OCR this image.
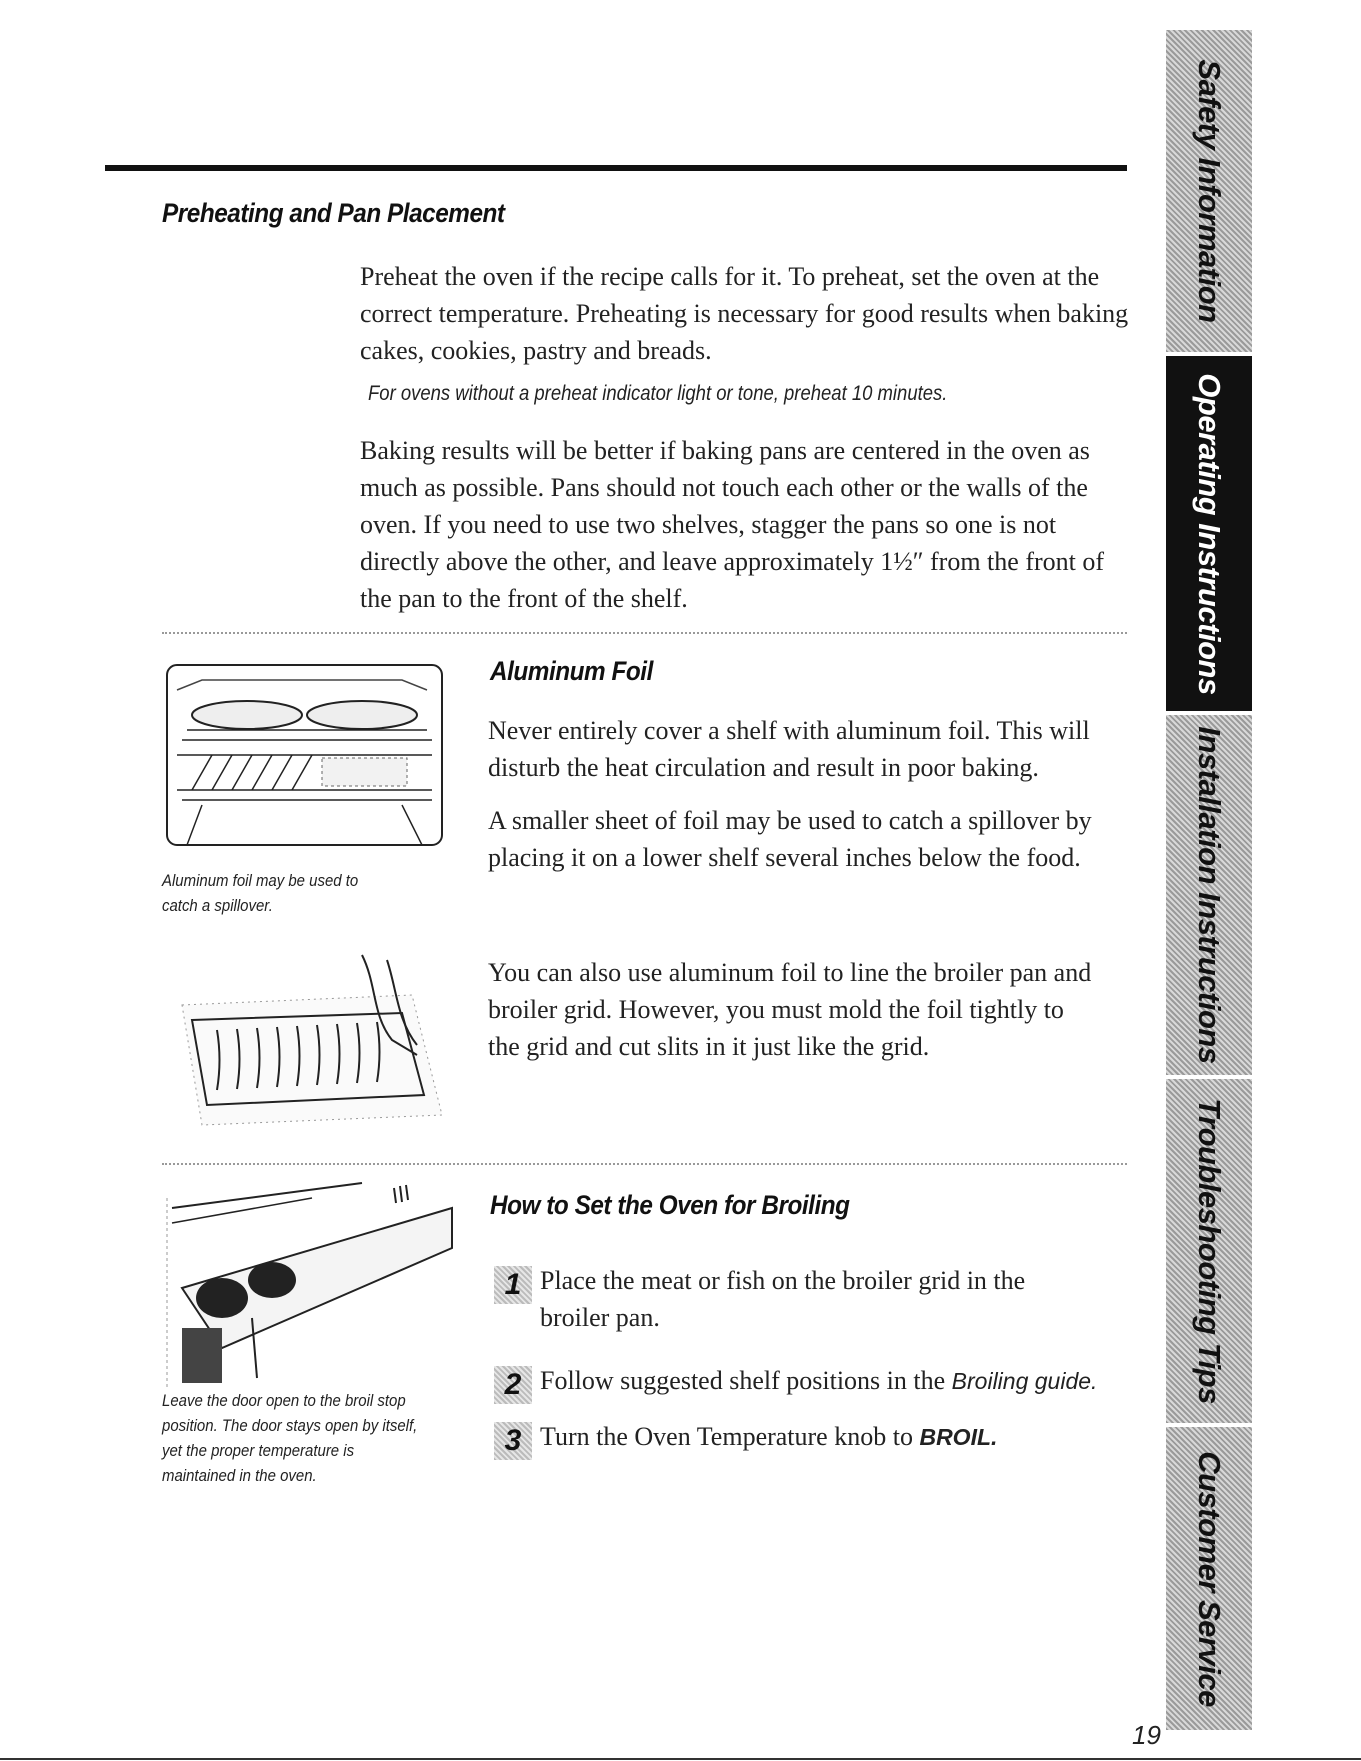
Preheating and Pan Placement

Preheat the oven if the recipe calls for it. To preheat, set the oven at the correct temperature. Preheating is necessary for good results when baking cakes, cookies, pastry and breads.

For ovens without a preheat indicator light or tone, preheat 10 minutes.

Baking results will be better if baking pans are centered in the oven as much as possible. Pans should not touch each other or the walls of the oven. If you need to use two shelves, stagger the pans so one is not directly above the other, and leave approximately 1½″ from the front of the pan to the front of the shelf.

Aluminum foil may be used to
catch a spillover.
Aluminum Foil

Never entirely cover a shelf with aluminum foil. This will disturb the heat circulation and result in poor baking.

A smaller sheet of foil may be used to catch a spillover by placing it on a lower shelf several inches below the food.

You can also use aluminum foil to line the broiler pan and broiler grid. However, you must mold the foil tightly to the grid and cut slits in it just like the grid.

Leave the door open to the broil stop
position. The door stays open by itself,
yet the proper temperature is
maintained in the oven.
How to Set the Oven for Broiling
1 Place the meat or fish on the broiler grid in the
broiler pan.
2 Follow suggested shelf positions in the Broiling guide.
3 Turn the Oven Temperature knob to BROIL.
Safety Information
Operating Instructions
Installation Instructions
Troubleshooting Tips
Customer Service
19
